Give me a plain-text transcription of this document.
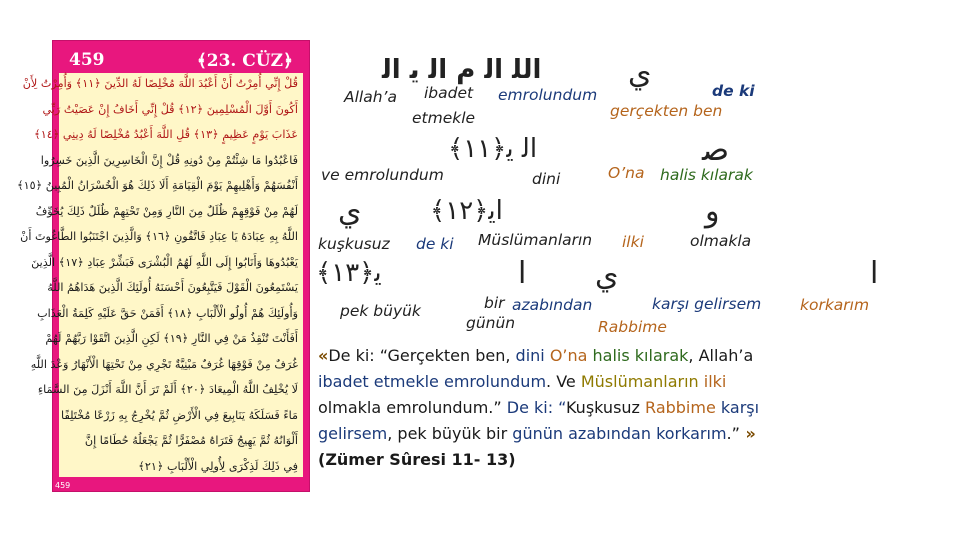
459	﴾23. CÜZ﴿
قُلْ إِنِّي أُمِرْتُ أَنْ أَعْبُدَ اللَّهَ مُخْلِصًا لَهُ الدِّينَ ﴿١١﴾ وَأُمِرْتُ لِأَنْ
أَكُونَ أَوَّلَ الْمُسْلِمِينَ ﴿١٢﴾ قُلْ إِنِّي أَخَافُ إِنْ عَصَيْتُ رَبِّي
عَذَابَ يَوْمٍ عَظِيمٍ ﴿١٣﴾ قُلِ اللَّهَ أَعْبُدُ مُخْلِصًا لَهُ دِينِي ﴿١٤﴾
فَاعْبُدُوا مَا شِئْتُمْ مِنْ دُونِهِ قُلْ إِنَّ الْخَاسِرِينَ الَّذِينَ خَسِرُوا
أَنْفُسَهُمْ وَأَهْلِيهِمْ يَوْمَ الْقِيَامَةِ أَلَا ذَلِكَ هُوَ الْخُسْرَانُ الْمُبِينُ ﴿١٥﴾
لَهُمْ مِنْ فَوْقِهِمْ ظُلَلٌ مِنَ النَّارِ وَمِنْ تَحْتِهِمْ ظُلَلٌ ذَلِكَ يُخَوِّفُ
اللَّهُ بِهِ عِبَادَهُ يَا عِبَادِ فَاتَّقُونِ ﴿١٦﴾ وَالَّذِينَ اجْتَنَبُوا الطَّاغُوتَ أَنْ
يَعْبُدُوهَا وَأَنَابُوا إِلَى اللَّهِ لَهُمُ الْبُشْرَى فَبَشِّرْ عِبَادِ ﴿١٧﴾ الَّذِينَ
يَسْتَمِعُونَ الْقَوْلَ فَيَتَّبِعُونَ أَحْسَنَهُ أُولَئِكَ الَّذِينَ هَدَاهُمُ اللَّهُ
وَأُولَئِكَ هُمْ أُولُو الْأَلْبَابِ ﴿١٨﴾ أَفَمَنْ حَقَّ عَلَيْهِ كَلِمَةُ الْعَذَابِ
أَفَأَنْتَ تُنْقِذُ مَنْ فِي النَّارِ ﴿١٩﴾ لَكِنِ الَّذِينَ اتَّقَوْا رَبَّهُمْ لَهُمْ
غُرَفٌ مِنْ فَوْقِهَا غُرَفٌ مَبْنِيَّةٌ تَجْرِي مِنْ تَحْتِهَا الْأَنْهَارُ وَعْدَ اللَّهِ
لَا يُخْلِفُ اللَّهُ الْمِيعَادَ ﴿٢٠﴾ أَلَمْ تَرَ أَنَّ اللَّهَ أَنْزَلَ مِنَ السَّمَاءِ
مَاءً فَسَلَكَهُ يَنَابِيعَ فِي الْأَرْضِ ثُمَّ يُخْرِجُ بِهِ زَرْعًا مُخْتَلِفًا
أَلْوَانُهُ ثُمَّ يَهِيجُ فَتَرَاهُ مُصْفَرًّا ثُمَّ يَجْعَلُهُ حُطَامًا إِنَّ
فِي ذَلِكَ لَذِكْرَى لِأُولِي الْأَلْبَابِ ﴿٢١﴾
459
ي
ﺍﻟﻠ ﺍﻟ ﻡ ﺍﻟ ﻳ ﺍﻟ
de ki
emrolundum
Allah’a ibadet
gerçekten ben
etmekle
ﺻ
ﺍﻟ ﻳ﴿١١﴾
ve emrolundum	dini	O’na halis kılarak
ي	ﺍﻳ﴿١٢﴾	ﻭ
kuşkusuz de ki Müslümanların ilki	olmakla
ﻳ﴿١٣﴾	ﺍ ي	ﺍ
pek büyük	bir azabından
günün
karşı gelirsem
Rabbime
korkarım
«De ki: “Gerçekten ben, dini O’na halis kılarak, Allah’a
ibadet etmekle emrolundum. Ve Müslümanların ilki
olmakla emrolundum.” De ki: “Kuşkusuz Rabbime karşı
gelirsem, pek büyük bir günün azabından korkarım.” »
(Zümer Sûresi 11- 13)
